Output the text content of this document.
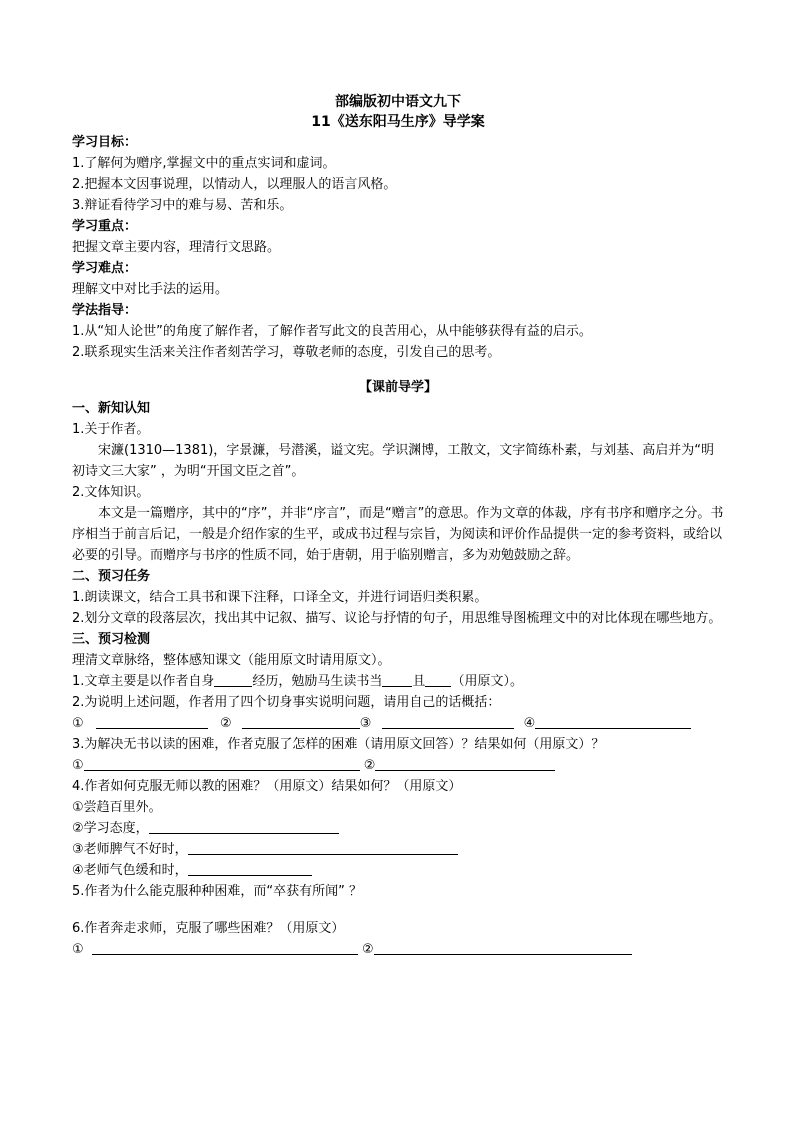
部编版初中语文九下
11《送东阳马生序》导学案
学习目标：
1.了解何为赠序,掌握文中的重点实词和虚词。
2.把握本文因事说理，以情动人，以理服人的语言风格。
3.辩证看待学习中的难与易、苦和乐。
学习重点：
把握文章主要内容，理清行文思路。
学习难点：
理解文中对比手法的运用。
学法指导：
1.从“知人论世”的角度了解作者，了解作者写此文的良苦用心，从中能够获得有益的启示。
2.联系现实生活来关注作者刻苦学习，尊敬老师的态度，引发自己的思考。
【课前导学】
一、新知认知
1.关于作者。
宋濂(1310—1381)，字景濂，号潜溪，谥文宪。学识渊博，工散文，文字简练朴素，与刘基、高启并为“明初诗文三大家” ，为明“开国文臣之首”。
2.文体知识。
本文是一篇赠序，其中的“序”，并非“序言”，而是“赠言”的意思。作为文章的体裁，序有书序和赠序之分。书序相当于前言后记，一般是介绍作家的生平，或成书过程与宗旨，为阅读和评价作品提供一定的参考资料，或给以必要的引导。而赠序与书序的性质不同，始于唐朝，用于临别赠言，多为劝勉鼓励之辞。
二、预习任务
1.朗读课文，结合工具书和课下注释，口译全文，并进行词语归类积累。
2.划分文章的段落层次，找出其中记叙、描写、议论与抒情的句子，用思维导图梳理文中的对比体现在哪些地方。
三、预习检测
理清文章脉络，整体感知课文（能用原文时请用原文）。
1.文章主要是以作者自身	经历，勉励马生读书当 且 （用原文）。
2.为说明上述问题，作者用了四个切身事实说明问题，请用自己的话概括：
①	②	③	④
3.为解决无书以读的困难，作者克服了怎样的困难（请用原文回答）？结果如何（用原文）？
①	②
4.作者如何克服无师以教的困难？（用原文）结果如何？（用原文）
①尝趋百里外。
②学习态度，
③老师脾气不好时，
④老师气色缓和时，
5.作者为什么能克服种种困难，而“卒获有所闻” ？
6.作者奔走求师，克服了哪些困难？（用原文）
①	②
